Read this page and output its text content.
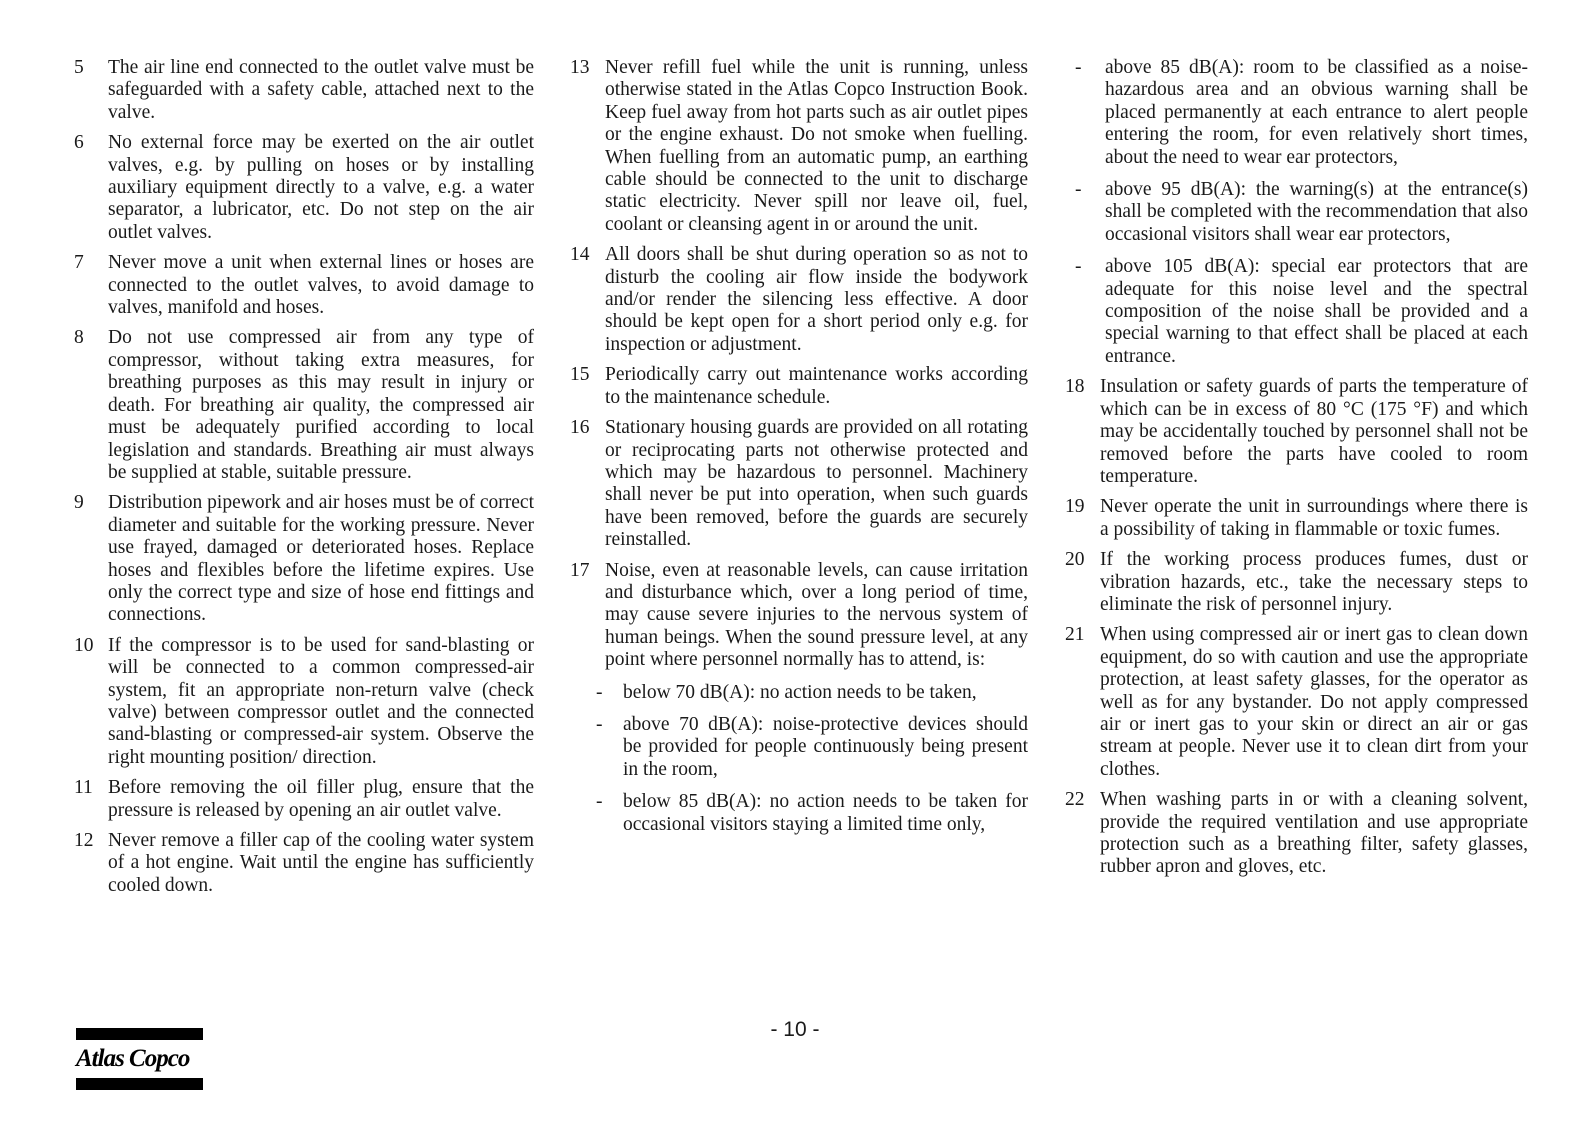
5	The air line end connected to the outlet valve must be safeguarded with a safety cable, attached next to the valve.
6	No external force may be exerted on the air outlet valves, e.g. by pulling on hoses or by installing auxiliary equipment directly to a valve, e.g. a water separator, a lubricator, etc. Do not step on the air outlet valves.
7	Never move a unit when external lines or hoses are connected to the outlet valves, to avoid damage to valves, manifold and hoses.
8	Do not use compressed air from any type of compressor, without taking extra measures, for breathing purposes as this may result in injury or death. For breathing air quality, the compressed air must be adequately purified according to local legislation and standards. Breathing air must always be supplied at stable, suitable pressure.
9	Distribution pipework and air hoses must be of correct diameter and suitable for the working pressure. Never use frayed, damaged or deteriorated hoses. Replace hoses and flexibles before the lifetime expires. Use only the correct type and size of hose end fittings and connections.
10 If the compressor is to be used for sand-blasting or will be connected to a common compressed-air system, fit an appropriate non-return valve (check valve) between compressor outlet and the connected sand-blasting or compressed-air system. Observe the right mounting position/ direction.
11 Before removing the oil filler plug, ensure that the pressure is released by opening an air outlet valve.
12 Never remove a filler cap of the cooling water system of a hot engine. Wait until the engine has sufficiently cooled down.
13 Never refill fuel while the unit is running, unless otherwise stated in the Atlas Copco Instruction Book. Keep fuel away from hot parts such as air outlet pipes or the engine exhaust. Do not smoke when fuelling. When fuelling from an automatic pump, an earthing cable should be connected to the unit to discharge static electricity. Never spill nor leave oil, fuel, coolant or cleansing agent in or around the unit.
14 All doors shall be shut during operation so as not to disturb the cooling air flow inside the bodywork and/or render the silencing less effective. A door should be kept open for a short period only e.g. for inspection or adjustment.
15 Periodically carry out maintenance works according to the maintenance schedule.
16 Stationary housing guards are provided on all rotating or reciprocating parts not otherwise protected and which may be hazardous to personnel. Machinery shall never be put into operation, when such guards have been removed, before the guards are securely reinstalled.
17 Noise, even at reasonable levels, can cause irritation and disturbance which, over a long period of time, may cause severe injuries to the nervous system of human beings. When the sound pressure level, at any point where personnel normally has to attend, is:
-	below 70 dB(A): no action needs to be taken,
-	above 70 dB(A): noise-protective devices should be provided for people continuously being present in the room,
-	below 85 dB(A): no action needs to be taken for occasional visitors staying a limited time only,
-	above 85 dB(A): room to be classified as a noise-hazardous area and an obvious warning shall be placed permanently at each entrance to alert people entering the room, for even relatively short times, about the need to wear ear protectors,
-	above 95 dB(A): the warning(s) at the entrance(s) shall be completed with the recommendation that also occasional visitors shall wear ear protectors,
-	above 105 dB(A): special ear protectors that are adequate for this noise level and the spectral composition of the noise shall be provided and a special warning to that effect shall be placed at each entrance.
18 Insulation or safety guards of parts the temperature of which can be in excess of 80 °C (175 °F) and which may be accidentally touched by personnel shall not be removed before the parts have cooled to room temperature.
19 Never operate the unit in surroundings where there is a possibility of taking in flammable or toxic fumes.
20 If the working process produces fumes, dust or vibration hazards, etc., take the necessary steps to eliminate the risk of personnel injury.
21 When using compressed air or inert gas to clean down equipment, do so with caution and use the appropriate protection, at least safety glasses, for the operator as well as for any bystander. Do not apply compressed air or inert gas to your skin or direct an air or gas stream at people. Never use it to clean dirt from your clothes.
22 When washing parts in or with a cleaning solvent, provide the required ventilation and use appropriate protection such as a breathing filter, safety glasses, rubber apron and gloves, etc.
Atlas Copco
- 10 -
